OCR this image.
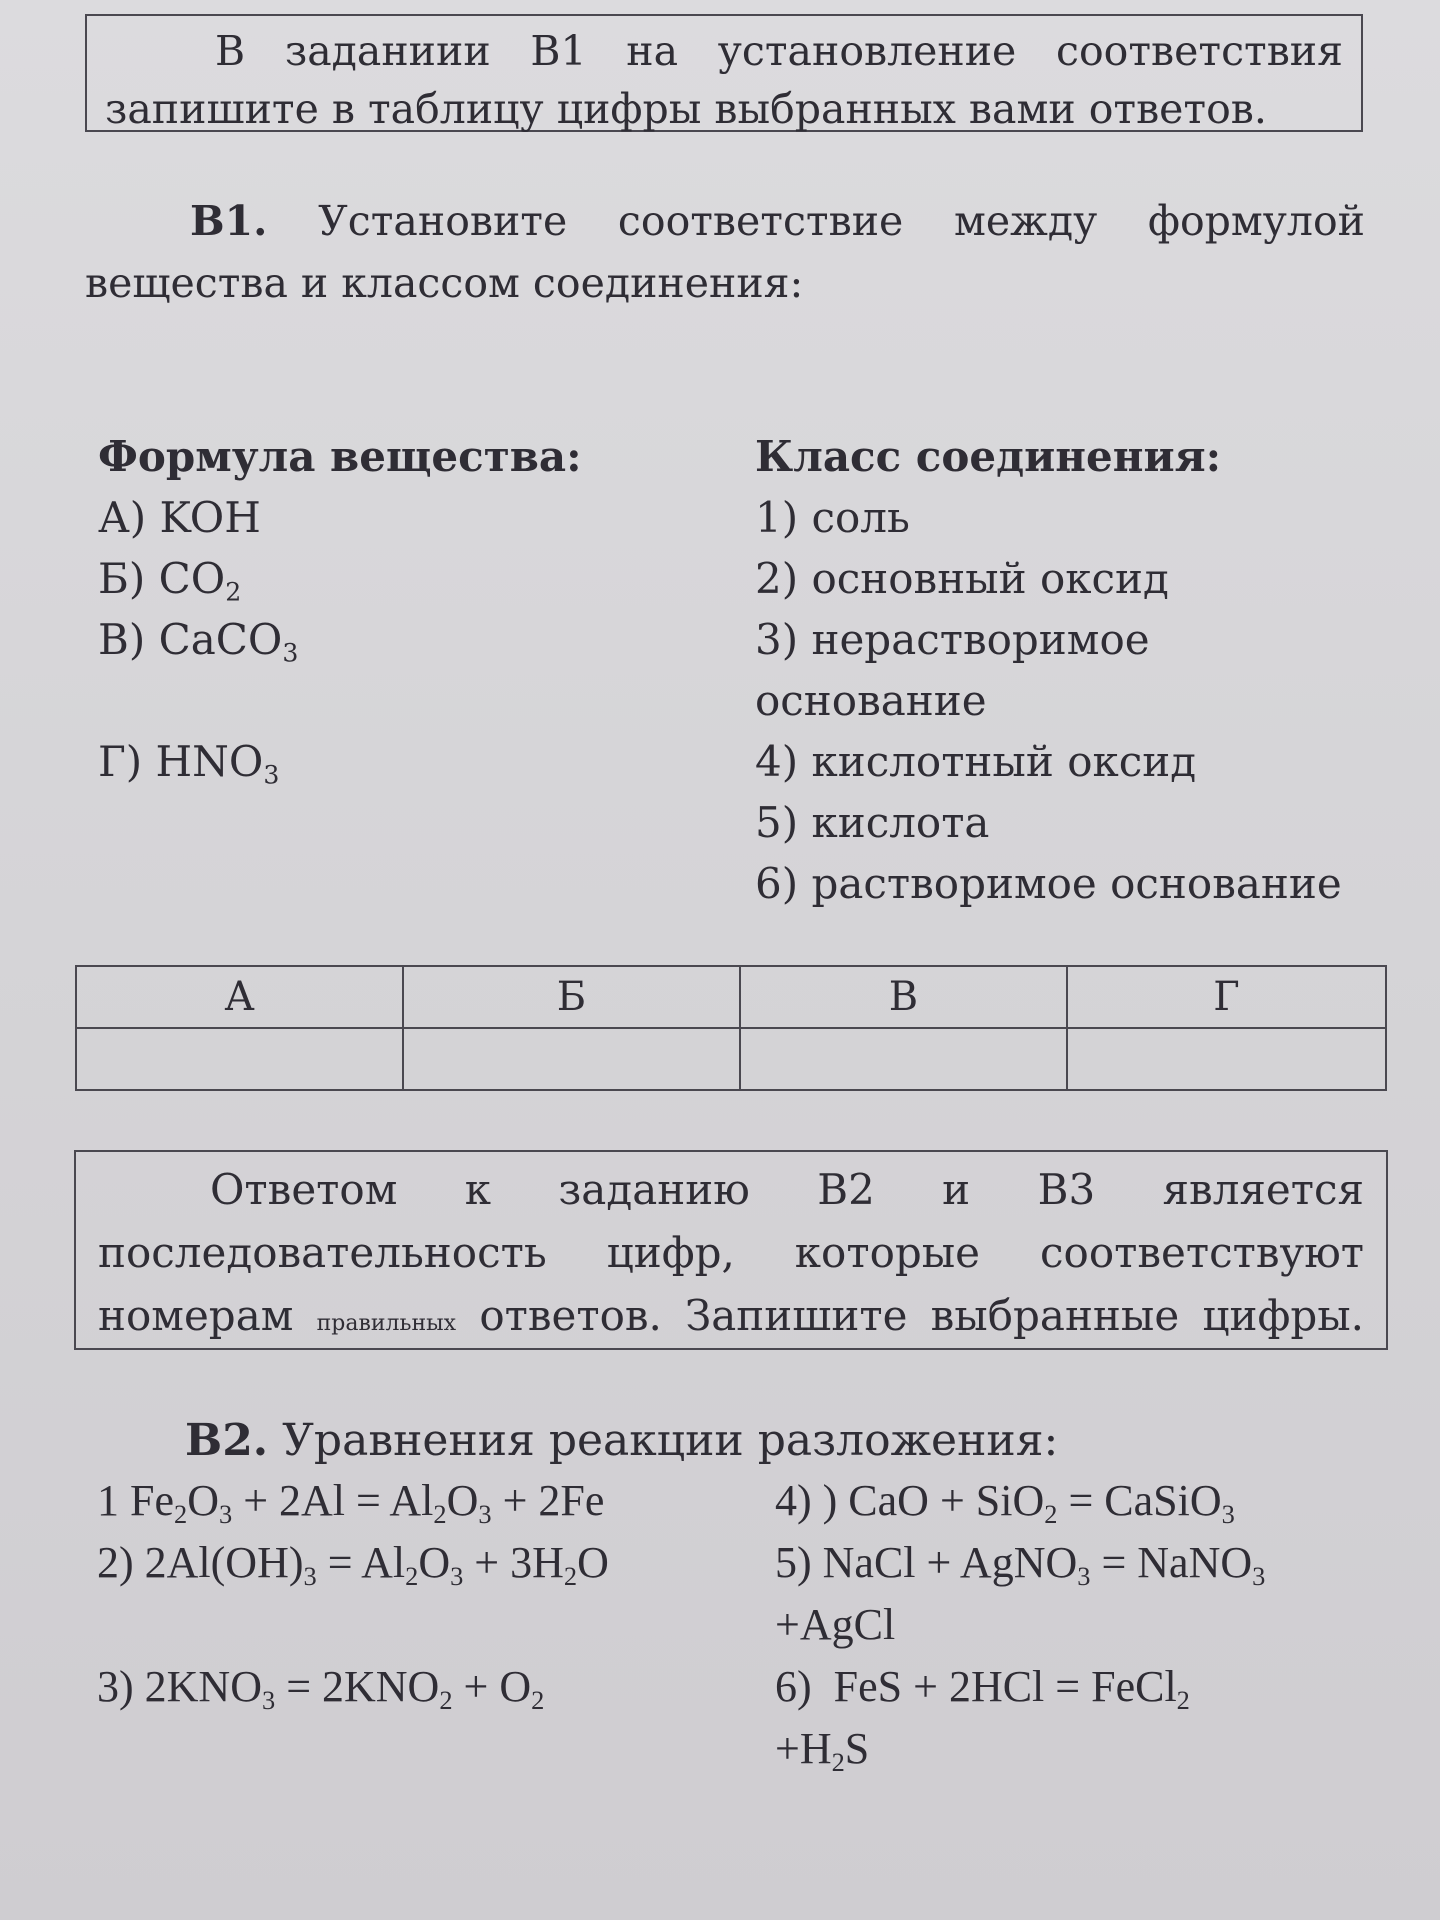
В заданиии В1 на установление соответствия
запишите в таблицу цифры выбранных вами ответов.
В1. Установите соответствие между формулой
вещества и классом соединения:
Формула вещества:
А) KOH
Б) $CO_2$
В) CaCO$_3$
Г) $HNO_3$
Класс соединения:
1) соль
2) основный оксид
3) нерастворимое
основание
4) кислотный оксид
5) кислота
6) растворимое основание
А	Б	В	Г

Ответом к заданию В2 и В3 является
последовательность цифр, которые соответствуют
номерам правильных ответов. Запишите выбранные цифры.
В2. Уравнения реакции разложения:
1 $Fe_2O_3 + 2Al = Al_2O_3 + 2Fe$
2) $2Al(OH)_3 = Al_2O_3 + 3H_2O$
3) $2KNO_3 = 2KNO_2 + O_2$
4) ) CaO + SiO$_2$ = CaSiO$_3$
5) NaCl + AgNO$_3$ = NaNO$_3$
+AgCl
6)  FeS + 2HCl = FeCl$_2$
$+H_2S$
